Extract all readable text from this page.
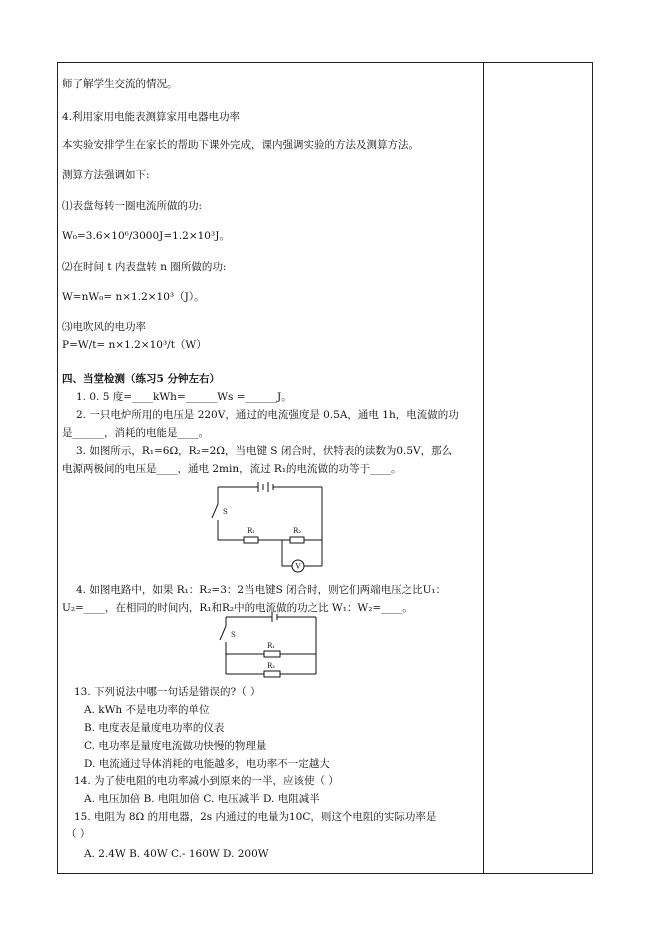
师了解学生交流的情况。
4.利用家用电能表测算家用电器电功率
本实验安排学生在家长的帮助下课外完成，课内强调实验的方法及测算方法。
测算方法强调如下:
⑴表盘每转一圈电流所做的功:
W₀=3.6×10⁶/3000J=1.2×10³J。
⑵在时间 t 内表盘转 n 圈所做的功:
W=nW₀= n×1.2×10³（J）。
⑶电吹风的电功率
P=W/t= n×1.2×10³/t（W）
四、当堂检测（练习5 分钟左右）
1. 0. 5 度=____kWh=______Ws =______J。
2. 一只电炉所用的电压是 220V，通过的电流强度是 0.5A，通电 1h，电流做的功
是______，消耗的电能是____。
3. 如图所示，R₁=6Ω，R₂=2Ω，当电键 S 闭合时，伏特表的读数为0.5V，那么
电源两极间的电压是____，通电 2min，流过 R₁的电流做的功等于____。
4. 如图电路中，如果 R₁：R₂=3：2当电键S 闭合时，则它们两端电压之比U₁：
U₂=____，在相同的时间内，R₁和R₂中的电流做的功之比 W₁：W₂=____。
13. 下列说法中哪一句话是错误的?（ ）
A. kWh 不是电功率的单位
B. 电度表是量度电功率的仪表
C. 电功率是量度电流做功快慢的物理量
D. 电流通过导体消耗的电能越多，电功率不一定越大
14. 为了使电阻的电功率减小到原来的一半，应该使（ ）
A. 电压加倍 B. 电阻加倍 C. 电压减半 D. 电阻减半
15. 电阻为 8Ω 的用电器，2s 内通过的电量为10C，则这个电阻的实际功率是
（ ）
A. 2.4W B. 40W C.- 160W D. 200W
S
R₁	R₂
V
S
R₁
R₂
